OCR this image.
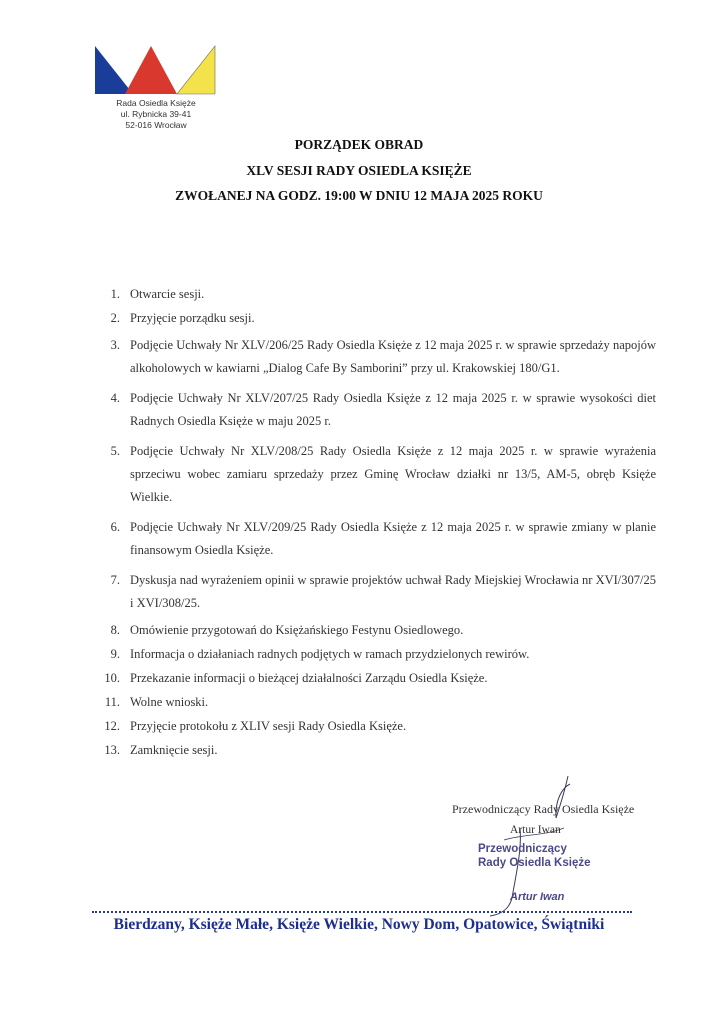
Rada Osiedla Księże
ul. Rybnicka 39-41
52-016 Wrocław
PORZĄDEK OBRAD
XLV SESJI RADY OSIEDLA KSIĘŻE
ZWOŁANEJ NA GODZ. 19:00 W DNIU 12 MAJA 2025 ROKU
1. Otwarcie sesji.
2. Przyjęcie porządku sesji.
3. Podjęcie Uchwały Nr XLV/206/25 Rady Osiedla Księże z 12 maja 2025 r. w sprawie sprzedaży napojów alkoholowych w kawiarni „Dialog Cafe By Samborini” przy ul. Krakowskiej 180/G1.
4. Podjęcie Uchwały Nr XLV/207/25 Rady Osiedla Księże z 12 maja 2025 r. w sprawie wysokości diet Radnych Osiedla Księże w maju 2025 r.
5. Podjęcie Uchwały Nr XLV/208/25 Rady Osiedla Księże z 12 maja 2025 r. w sprawie wyrażenia sprzeciwu wobec zamiaru sprzedaży przez Gminę Wrocław działki nr 13/5, AM-5, obręb Księże Wielkie.
6. Podjęcie Uchwały Nr XLV/209/25 Rady Osiedla Księże z 12 maja 2025 r. w sprawie zmiany w planie finansowym Osiedla Księże.
7. Dyskusja nad wyrażeniem opinii w sprawie projektów uchwał Rady Miejskiej Wrocławia nr XVI/307/25 i XVI/308/25.
8. Omówienie przygotowań do Księżańskiego Festynu Osiedlowego.
9. Informacja o działaniach radnych podjętych w ramach przydzielonych rewirów.
10. Przekazanie informacji o bieżącej działalności Zarządu Osiedla Księże.
11. Wolne wnioski.
12. Przyjęcie protokołu z XLIV sesji Rady Osiedla Księże.
13. Zamknięcie sesji.
Przewodniczący Rady Osiedla Księże
Artur Iwan
Przewodniczący
Rady Osiedla Księże
Artur Iwan
Bierdzany, Księże Małe, Księże Wielkie, Nowy Dom, Opatowice, Świątniki
